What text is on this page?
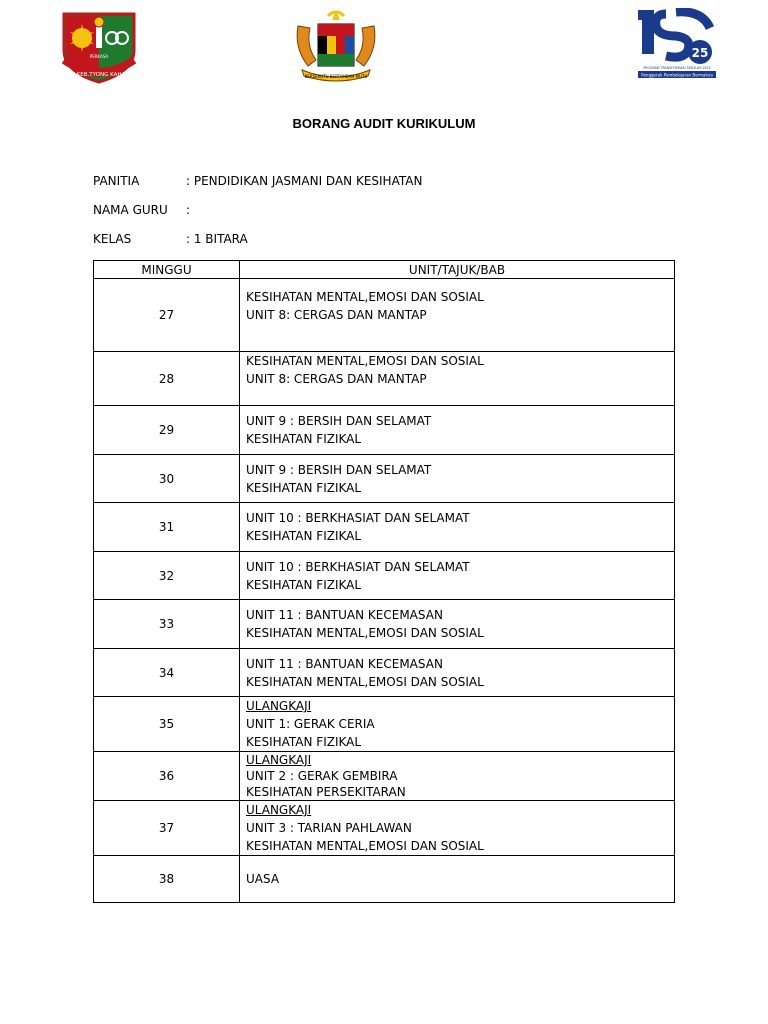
SEK.KEB.TYONG KAHANG
PERKASA
BERSEKUTU BERTAMBAH MUTU
25
PROGRAM TRANSFORMASI SEKOLAH 2025
Penggerak Pembelajaran Bermakna
BORANG AUDIT KURIKULUM
PANITIA	: PENDIDIKAN JASMANI DAN KESIHATAN
NAMA GURU :
KELAS	: 1 BITARA
MINGGU	UNIT/TAJUK/BAB
27	KESIHATAN MENTAL,EMOSI DAN SOSIAL
UNIT 8: CERGAS DAN MANTAP

28	KESIHATAN MENTAL,EMOSI DAN SOSIAL
UNIT 8: CERGAS DAN MANTAP

29	UNIT 9 : BERSIH DAN SELAMAT
KESIHATAN FIZIKAL

30	UNIT 9 : BERSIH DAN SELAMAT
KESIHATAN FIZIKAL

31	UNIT 10 : BERKHASIAT DAN SELAMAT
KESIHATAN FIZIKAL

32	UNIT 10 : BERKHASIAT DAN SELAMAT
KESIHATAN FIZIKAL

33	UNIT 11 : BANTUAN KECEMASAN
KESIHATAN MENTAL,EMOSI DAN SOSIAL

34	UNIT 11 : BANTUAN KECEMASAN
KESIHATAN MENTAL,EMOSI DAN SOSIAL

35	ULANGKAJI
UNIT 1: GERAK CERIA
KESIHATAN FIZIKAL

36	ULANGKAJI
UNIT 2 : GERAK GEMBIRA
KESIHATAN PERSEKITARAN

37	ULANGKAJI
UNIT 3 : TARIAN PAHLAWAN
KESIHATAN MENTAL,EMOSI DAN SOSIAL

38	UASA
